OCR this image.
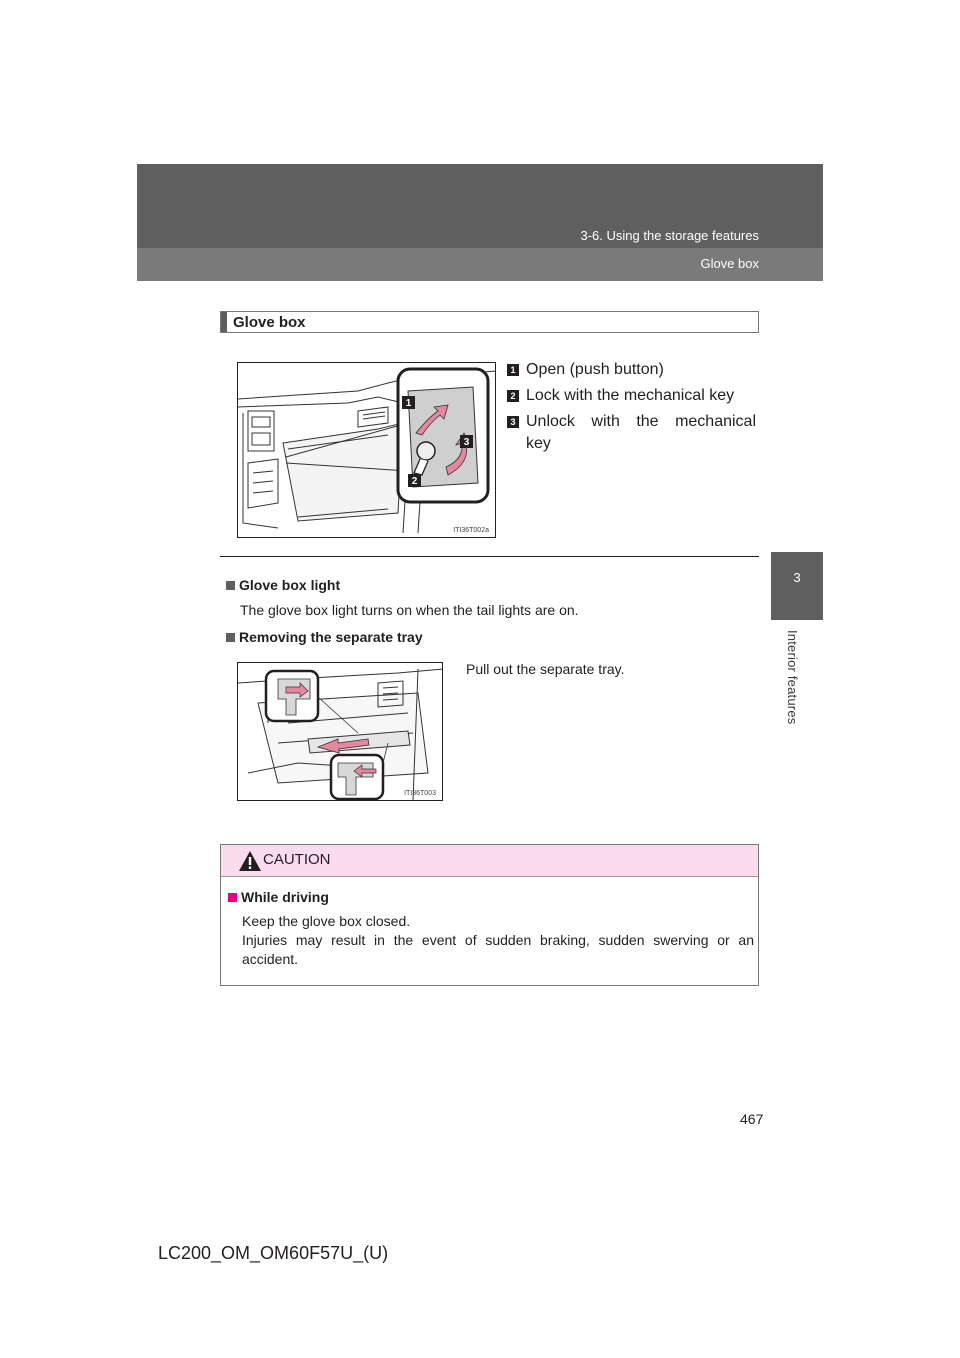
3-6. Using the storage features
Glove box
3
Interior features
Glove box
1
3
2
ITI36T002a
1 Open (push button)
2 Lock with the mechanical key
3 Unlock with the mechanical
key
Glove box light
The glove box light turns on when the tail lights are on.
Removing the separate tray
Pull out the separate tray.
ITI36T003
CAUTION
While driving
Keep the glove box closed.
Injuries may result in the event of sudden braking, sudden swerving or an
accident.
467
LC200_OM_OM60F57U_(U)
